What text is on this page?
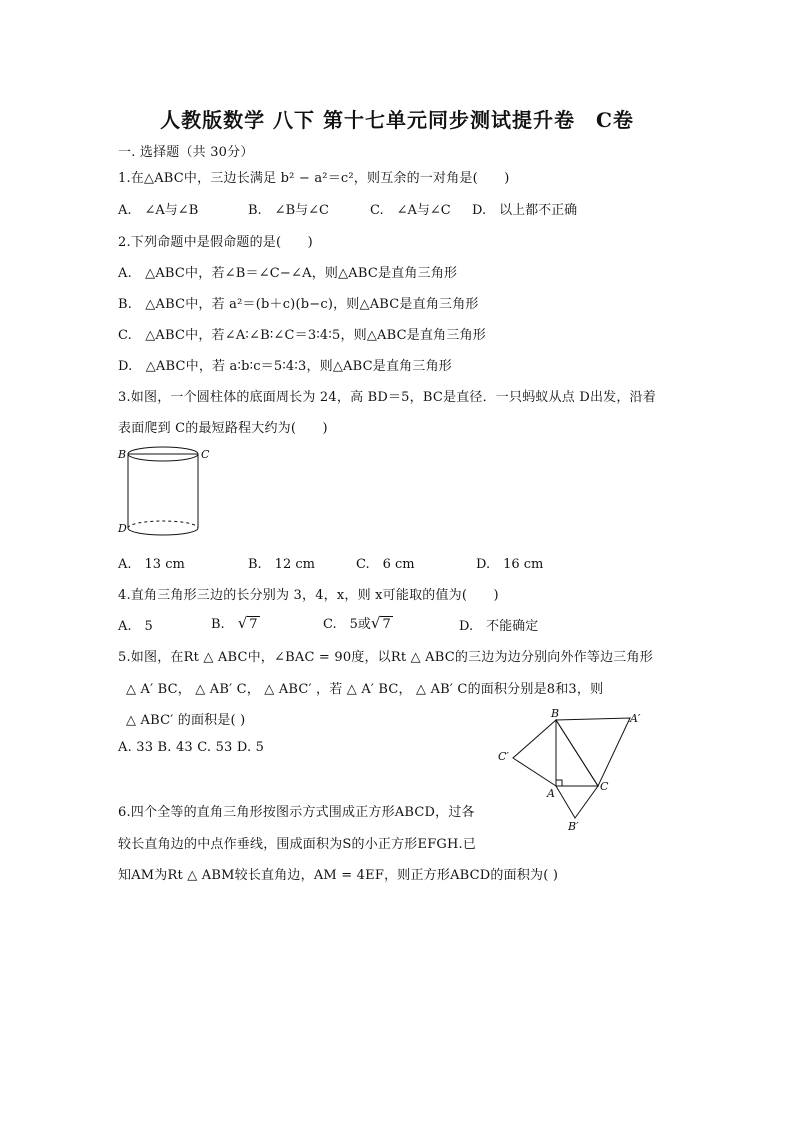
人教版数学 八下 第十七单元同步测试提升卷　C卷
一. 选择题（共 30分）
1.在△ABC中，三边长满足 b² − a²＝c²，则互余的一对角是(　　)
A.　∠A与∠B	B.　∠B与∠C	C.　∠A与∠C D.　以上都不正确
2.下列命题中是假命题的是(　　)
A.　△ABC中，若∠B＝∠C−∠A，则△ABC是直角三角形
B.　△ABC中，若 a²＝(b＋c)(b−c)，则△ABC是直角三角形
C.　△ABC中，若∠A∶∠B∶∠C＝3∶4∶5，则△ABC是直角三角形
D.　△ABC中，若 a∶b∶c＝5∶4∶3，则△ABC是直角三角形
3.如图，一个圆柱体的底面周长为 24，高 BD＝5，BC是直径．一只蚂蚁从点 D出发，沿着
表面爬到 C的最短路程大约为(　　)
B	C
D
A.　13 cm	B.　12 cm	C.　6 cm	D.　16 cm
4.直角三角形三边的长分别为 3，4，x，则 x可能取的值为(　　)
A.　5	B.　√ 7	C.　5或√ 7	D.　不能确定
5.如图，在Rt △ ABC中，∠BAC = 90度，以Rt △ ABC的三边为边分别向外作等边三角形
△ A′ BC， △ AB′ C， △ ABC′ ，若 △ A′ BC， △ AB′ C的面积分别是8和3，则
△ ABC′ 的面积是( )
A. 33 B. 43 C. 53 D. 5
B	A′
C′
A
C
B′
6.四个全等的直角三角形按图示方式围成正方形ABCD，过各
较长直角边的中点作垂线，围成面积为S的小正方形EFGH.已
知AM为Rt △ ABM较长直角边，AM = 4EF，则正方形ABCD的面积为( )
